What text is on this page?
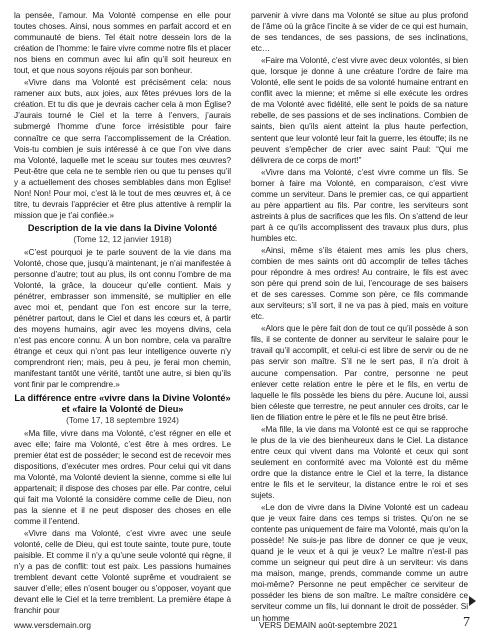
la pensée, l’amour. Ma Volonté compense en elle pour toutes choses. Ainsi, nous sommes en parfait accord et en communauté de biens. Tel était notre dessein lors de la création de l’homme: le faire vivre comme notre fils et placer nos biens en commun avec lui afin qu’il soit heureux en tout, et que nous soyons réjouis par son bonheur.

«Vivre dans ma Volonté est précisément cela: nous ramener aux buts, aux joies, aux fêtes prévues lors de la création. Et tu dis que je devrais cacher cela à mon Église? J’aurais tourné le Ciel et la terre à l’envers, j’aurais submergé l’homme d’une force irrésistible pour faire connaître ce que serra l’accomplissement de la Création. Vois-tu combien je suis intéressé à ce que l’on vive dans ma Volonté, laquelle met le sceau sur toutes mes œuvres? Peut-être que cela ne te semble rien ou que tu penses qu’il y a actuellement des choses semblables dans mon Église! Non! Non! Pour moi, c’est là le tout de mes œuvres et, à ce titre, tu devrais l’apprécier et être plus attentive à remplir la mission que je t’ai confiée.»

Description de la vie dans la Divine Volonté
(Tome 12, 12 janvier 1918)

«C’est pourquoi je te parle souvent de la vie dans ma Volonté, chose que, jusqu’à maintenant, je n’ai manifestée à personne d’autre; tout au plus, ils ont connu l’ombre de ma Volonté, la grâce, la douceur qu’elle contient. Mais y pénétrer, embrasser son immensité, se multiplier en elle avec moi et, pendant que l’on est encore sur la terre, pénétrer partout, dans le Ciel et dans les cœurs et, à partir des moyens humains, agir avec les moyens divins, cela n’est pas encore connu. À un bon nombre, cela va paraître étrange et ceux qui n’ont pas leur intelligence ouverte n’y comprendront rien; mais, peu à peu, je ferai mon chemin, manifestant tantôt une vérité, tantôt une autre, si bien qu’ils vont finir par le comprendre.»

La différence entre «vivre dans la Divine Volonté» et «faire la Volonté de Dieu»
(Tome 17, 18 septembre 1924)

«Ma fille, vivre dans ma Volonté, c’est régner en elle et avec elle; faire ma Volonté, c’est être à mes ordres. Le premier état est de posséder; le second est de recevoir mes dispositions, d’exécuter mes ordres. Pour celui qui vit dans ma Volonté, ma Volonté devient la sienne, comme si elle lui appartenait; il dispose des choses par elle. Par contre, celui qui fait ma Volonté la considère comme celle de Dieu, non pas la sienne et il ne peut disposer des choses en elle comme il l’entend.

«Vivre dans ma Volonté, c’est vivre avec une seule volonté, celle de Dieu, qui est toute sainte, toute pure, toute paisible. Et comme il n’y a qu’une seule volonté qui règne, il n’y a pas de conflit: tout est paix. Les passions humaines tremblent devant cette Volonté suprême et voudraient se sauver d’elle; elles n’osent bouger ou s’opposer, voyant que devant elle le Ciel et la terre tremblent. La première étape à franchir pour

parvenir à vivre dans ma Volonté se situe au plus profond de l’âme où la grâce l’incite à se vider de ce qui est humain, de ses tendances, de ses passions, de ses inclinations, etc…

«Faire ma Volonté, c’est vivre avec deux volontés, si bien que, lorsque je donne à une créature l’ordre de faire ma Volonté, elle sent le poids de sa volonté humaine entrant en conflit avec la mienne; et même si elle exécute les ordres de ma Volonté avec fidélité, elle sent le poids de sa nature rebelle, de ses passions et de ses inclinations. Combien de saints, bien qu’ils aient atteint la plus haute perfection, sentent que leur volonté leur fait la guerre, les étouffe; ils ne peuvent s’empêcher de crier avec saint Paul: “Qui me délivrera de ce corps de mort!”

«Vivre dans ma Volonté, c’est vivre comme un fils. Se borner à faire ma Volonté, en comparaison, c’est vivre comme un serviteur. Dans le premier cas, ce qui appartient au père appartient au fils. Par contre, les serviteurs sont astreints à plus de sacrifices que les fils. On s’attend de leur part à ce qu’ils accomplissent des travaux plus durs, plus humbles etc.

«Ainsi, même s’ils étaient mes amis les plus chers, combien de mes saints ont dû accomplir de telles tâches pour répondre à mes ordres! Au contraire, le fils est avec son père qui prend soin de lui, l’encourage de ses baisers et de ses caresses. Comme son père, ce fils commande aux serviteurs; s’il sort, il ne va pas à pied, mais en voiture etc.

«Alors que le père fait don de tout ce qu’il possède à son fils, il se contente de donner au serviteur le salaire pour le travail qu’il accomplit, et celui-ci est libre de servir ou de ne pas servir son maître. S’il ne le sert pas, il n’a droit à aucune compensation. Par contre, personne ne peut enlever cette relation entre le père et le fils, en vertu de laquelle le fils possède les biens du père. Aucune loi, aussi bien céleste que terrestre, ne peut annuler ces droits, car le lien de filiation entre le père et le fils ne peut être brisé.

«Ma fille, la vie dans ma Volonté est ce qui se rapproche le plus de la vie des bienheureux dans le Ciel. La distance entre ceux qui vivent dans ma Volonté et ceux qui sont seulement en conformité avec ma Volonté est du même ordre que la distance entre le Ciel et la terre, la distance entre le fils et le serviteur, la distance entre le roi et ses sujets.

«Le don de vivre dans la Divine Volonté est un cadeau que je veux faire dans ces temps si tristes. Qu’on ne se contente pas uniquement de faire ma Volonté, mais qu’on la possède! Ne suis-je pas libre de donner ce que je veux, quand je le veux et à qui je veux? Le maître n’est-il pas comme un seigneur qui peut dire à un serviteur: vis dans ma maison, mange, prends, commande comme un autre moi-même? Personne ne peut empêcher ce serviteur de posséder les biens de son maître. Le maître considère ce serviteur comme un fils, lui donnant le droit de posséder. Si un homme

www.versdemain.org	VERS DEMAIN août-septembre 2021	7
